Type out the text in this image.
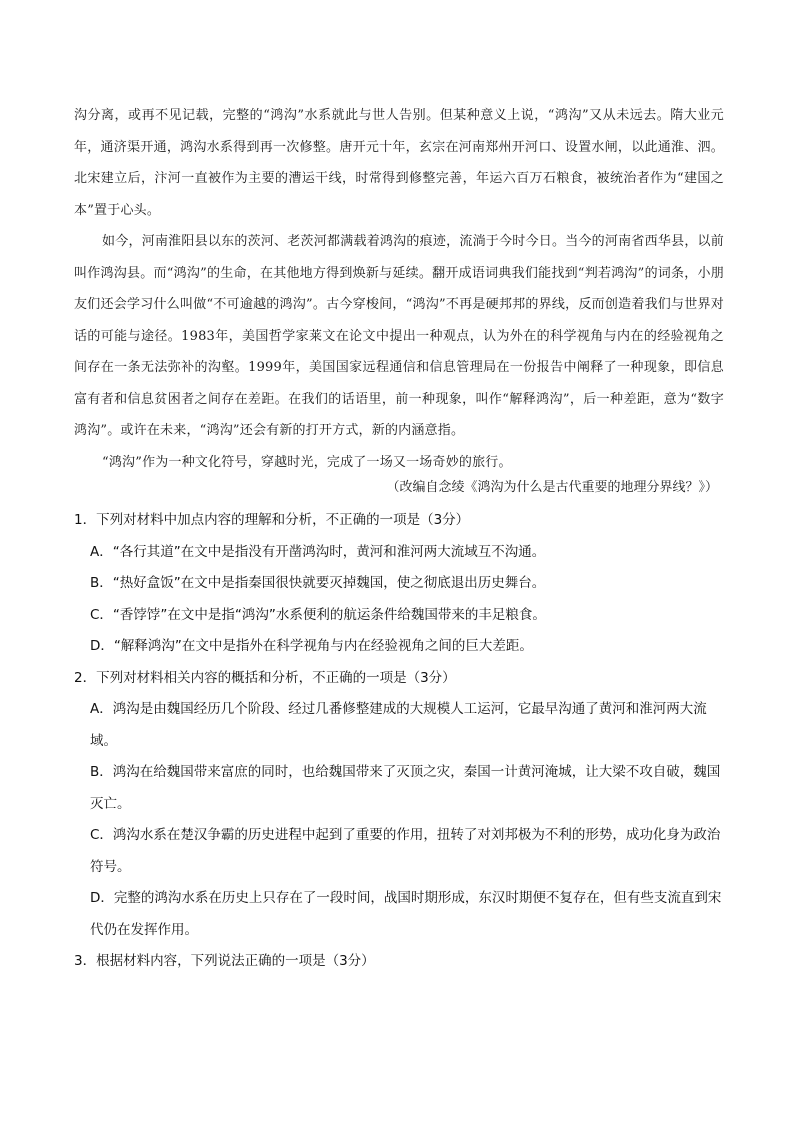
沟分离，或再不见记载，完整的“鸿沟”水系就此与世人告别。但某种意义上说，“鸿沟”又从未远去。隋大业元年，通济渠开通，鸿沟水系得到再一次修整。唐开元十年，玄宗在河南郑州开河口、设置水闸，以此通淮、泗。北宋建立后，汴河一直被作为主要的漕运干线，时常得到修整完善，年运六百万石粮食，被统治者作为“建国之本”置于心头。

如今，河南淮阳县以东的茨河、老茨河都满载着鸿沟的痕迹，流淌于今时今日。当今的河南省西华县，以前叫作鸿沟县。而“鸿沟”的生命，在其他地方得到焕新与延续。翻开成语词典我们能找到“判若鸿沟”的词条，小朋友们还会学习什么叫做“不可逾越的鸿沟”。古今穿梭间，“鸿沟”不再是硬邦邦的界线，反而创造着我们与世界对话的可能与途径。1983年，美国哲学家莱文在论文中提出一种观点，认为外在的科学视角与内在的经验视角之间存在一条无法弥补的沟壑。1999年，美国国家远程通信和信息管理局在一份报告中阐释了一种现象，即信息富有者和信息贫困者之间存在差距。在我们的话语里，前一种现象，叫作“解释鸿沟”，后一种差距，意为“数字鸿沟”。或许在未来，“鸿沟”还会有新的打开方式，新的内涵意指。

“鸿沟”作为一种文化符号，穿越时光，完成了一场又一场奇妙的旅行。

（改编自念绫《鸿沟为什么是古代重要的地理分界线？》）

1．下列对材料中加点内容的理解和分析，不正确的一项是（3分）

A．“各行其道”在文中是指没有开凿鸿沟时，黄河和淮河两大流域互不沟通。

B．“热好盒饭”在文中是指秦国很快就要灭掉魏国，使之彻底退出历史舞台。

C．“香饽饽”在文中是指“鸿沟”水系便利的航运条件给魏国带来的丰足粮食。

D．“解释鸿沟”在文中是指外在科学视角与内在经验视角之间的巨大差距。

2．下列对材料相关内容的概括和分析，不正确的一项是（3分）

A．鸿沟是由魏国经历几个阶段、经过几番修整建成的大规模人工运河，它最早沟通了黄河和淮河两大流域。

B．鸿沟在给魏国带来富庶的同时，也给魏国带来了灭顶之灾，秦国一计黄河淹城，让大梁不攻自破，魏国灭亡。

C．鸿沟水系在楚汉争霸的历史进程中起到了重要的作用，扭转了对刘邦极为不利的形势，成功化身为政治符号。

D．完整的鸿沟水系在历史上只存在了一段时间，战国时期形成，东汉时期便不复存在，但有些支流直到宋代仍在发挥作用。

3．根据材料内容，下列说法正确的一项是（3分）
